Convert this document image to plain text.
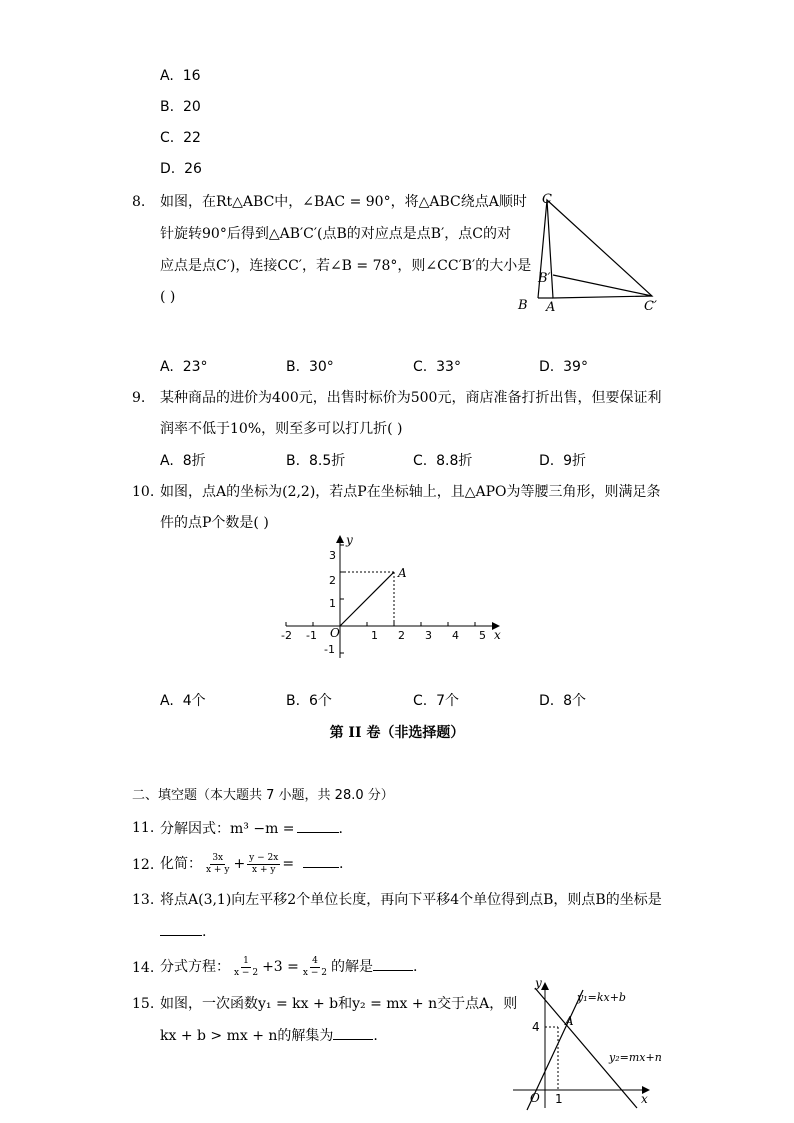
A. 16
B. 20
C. 22
D. 26
8. 如图，在Rt△ABC中，∠BAC = 90°，将△ABC绕点A顺时
针旋转90°后得到△AB′C′(点B的对应点是点B′，点C的对
应点是点C′)，连接CC′，若∠B = 78°，则∠CC′B′的大小是
( )
C
B′
B A	C′
A. 23°	B. 30°	C. 33°	D. 39°
9. 某种商品的进价为400元，出售时标价为500元，商店准备打折出售，但要保证利
润率不低于10%，则至多可以打几折( )
A. 8折	B. 8.5折	C. 8.8折	D. 9折
10. 如图，点A的坐标为(2,2)，若点P在坐标轴上，且△APO为等腰三角形，则满足条
件的点P个数是( )
y
x
O
A
-2 -1	1 2 3 4 5
3
2
1
-1
A. 4个	B. 6个	C. 7个	D. 8个
第 II 卷（非选择题）
二、填空题（本大题共 7 小题，共 28.0 分）
11. 分解因式：m³ −m =	.
12. 化简： $\frac{3x}{x + y} + \frac{y - 2x}{x + y}$ =	.
13. 将点A(3,1)向左平移2个单位长度，再向下平移4个单位得到点B，则点B的坐标是
.
14. 分式方程： $\frac{1}{x - 2} +3 = \frac{4}{x - 2}$ 的解是	.
15. 如图，一次函数y₁ = kx + b和y₂ = mx + n交于点A，则
kx + b > mx + n的解集为	.
y
x
O
A
4
1
y₁=kx+b
y₂=mx+n
